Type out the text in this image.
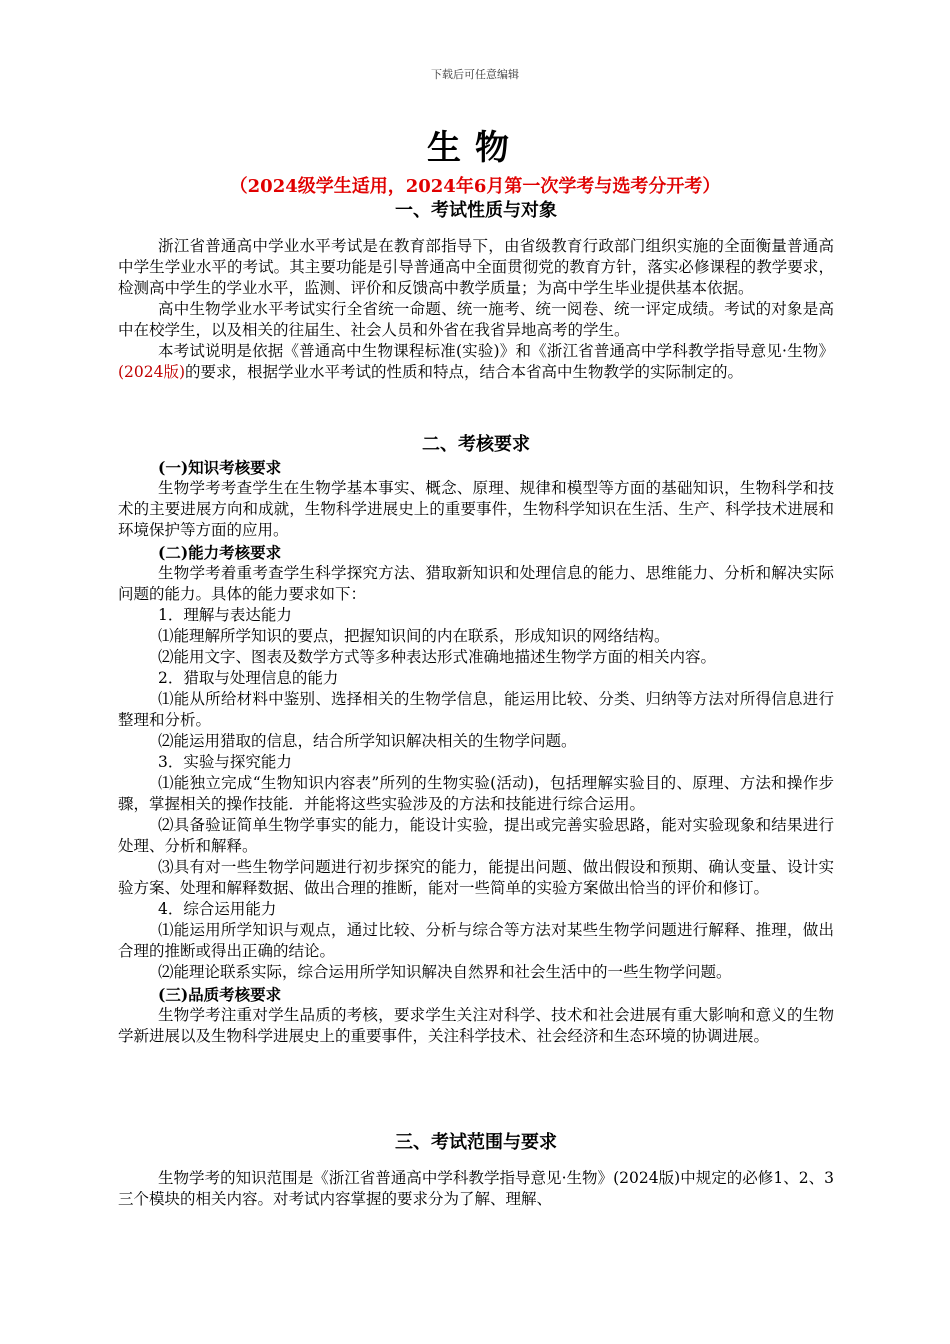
下载后可任意编辑
生物
（2024级学生适用，2024年6月第一次学考与选考分开考）
一、考试性质与对象

浙江省普通高中学业水平考试是在教育部指导下，由省级教育行政部门组织实施的全面衡量普通高中学生学业水平的考试。其主要功能是引导普通高中全面贯彻党的教育方针，落实必修课程的教学要求，检测高中学生的学业水平，监测、评价和反馈高中教学质量；为高中学生毕业提供基本依据。

高中生物学业水平考试实行全省统一命题、统一施考、统一阅卷、统一评定成绩。考试的对象是高中在校学生，以及相关的往届生、社会人员和外省在我省异地高考的学生。

本考试说明是依据《普通高中生物课程标准(实验)》和《浙江省普通高中学科教学指导意见·生物》(2024版)的要求，根据学业水平考试的性质和特点，结合本省高中生物教学的实际制定的。

二、考核要求
(一)知识考核要求

生物学考考查学生在生物学基本事实、概念、原理、规律和模型等方面的基础知识，生物科学和技术的主要进展方向和成就，生物科学进展史上的重要事件，生物科学知识在生活、生产、科学技术进展和环境保护等方面的应用。

(二)能力考核要求

生物学考着重考查学生科学探究方法、猎取新知识和处理信息的能力、思维能力、分析和解决实际问题的能力。具体的能力要求如下：

1．理解与表达能力

⑴能理解所学知识的要点，把握知识间的内在联系，形成知识的网络结构。

⑵能用文字、图表及数学方式等多种表达形式准确地描述生物学方面的相关内容。

2．猎取与处理信息的能力

⑴能从所给材料中鉴别、选择相关的生物学信息，能运用比较、分类、归纳等方法对所得信息进行整理和分析。

⑵能运用猎取的信息，结合所学知识解决相关的生物学问题。

3．实验与探究能力

⑴能独立完成“生物知识内容表”所列的生物实验(活动)，包括理解实验目的、原理、方法和操作步骤，掌握相关的操作技能．并能将这些实验涉及的方法和技能进行综合运用。

⑵具备验证简单生物学事实的能力，能设计实验，提出或完善实验思路，能对实验现象和结果进行处理、分析和解释。

⑶具有对一些生物学问题进行初步探究的能力，能提出问题、做出假设和预期、确认变量、设计实验方案、处理和解释数据、做出合理的推断，能对一些简单的实验方案做出恰当的评价和修订。

4．综合运用能力

⑴能运用所学知识与观点，通过比较、分析与综合等方法对某些生物学问题进行解释、推理，做出合理的推断或得出正确的结论。

⑵能理论联系实际，综合运用所学知识解决自然界和社会生活中的一些生物学问题。

(三)品质考核要求

生物学考注重对学生品质的考核，要求学生关注对科学、技术和社会进展有重大影响和意义的生物学新进展以及生物科学进展史上的重要事件，关注科学技术、社会经济和生态环境的协调进展。

三、考试范围与要求

生物学考的知识范围是《浙江省普通高中学科教学指导意见·生物》(2024版)中规定的必修1、2、3三个模块的相关内容。对考试内容掌握的要求分为了解、理解、
